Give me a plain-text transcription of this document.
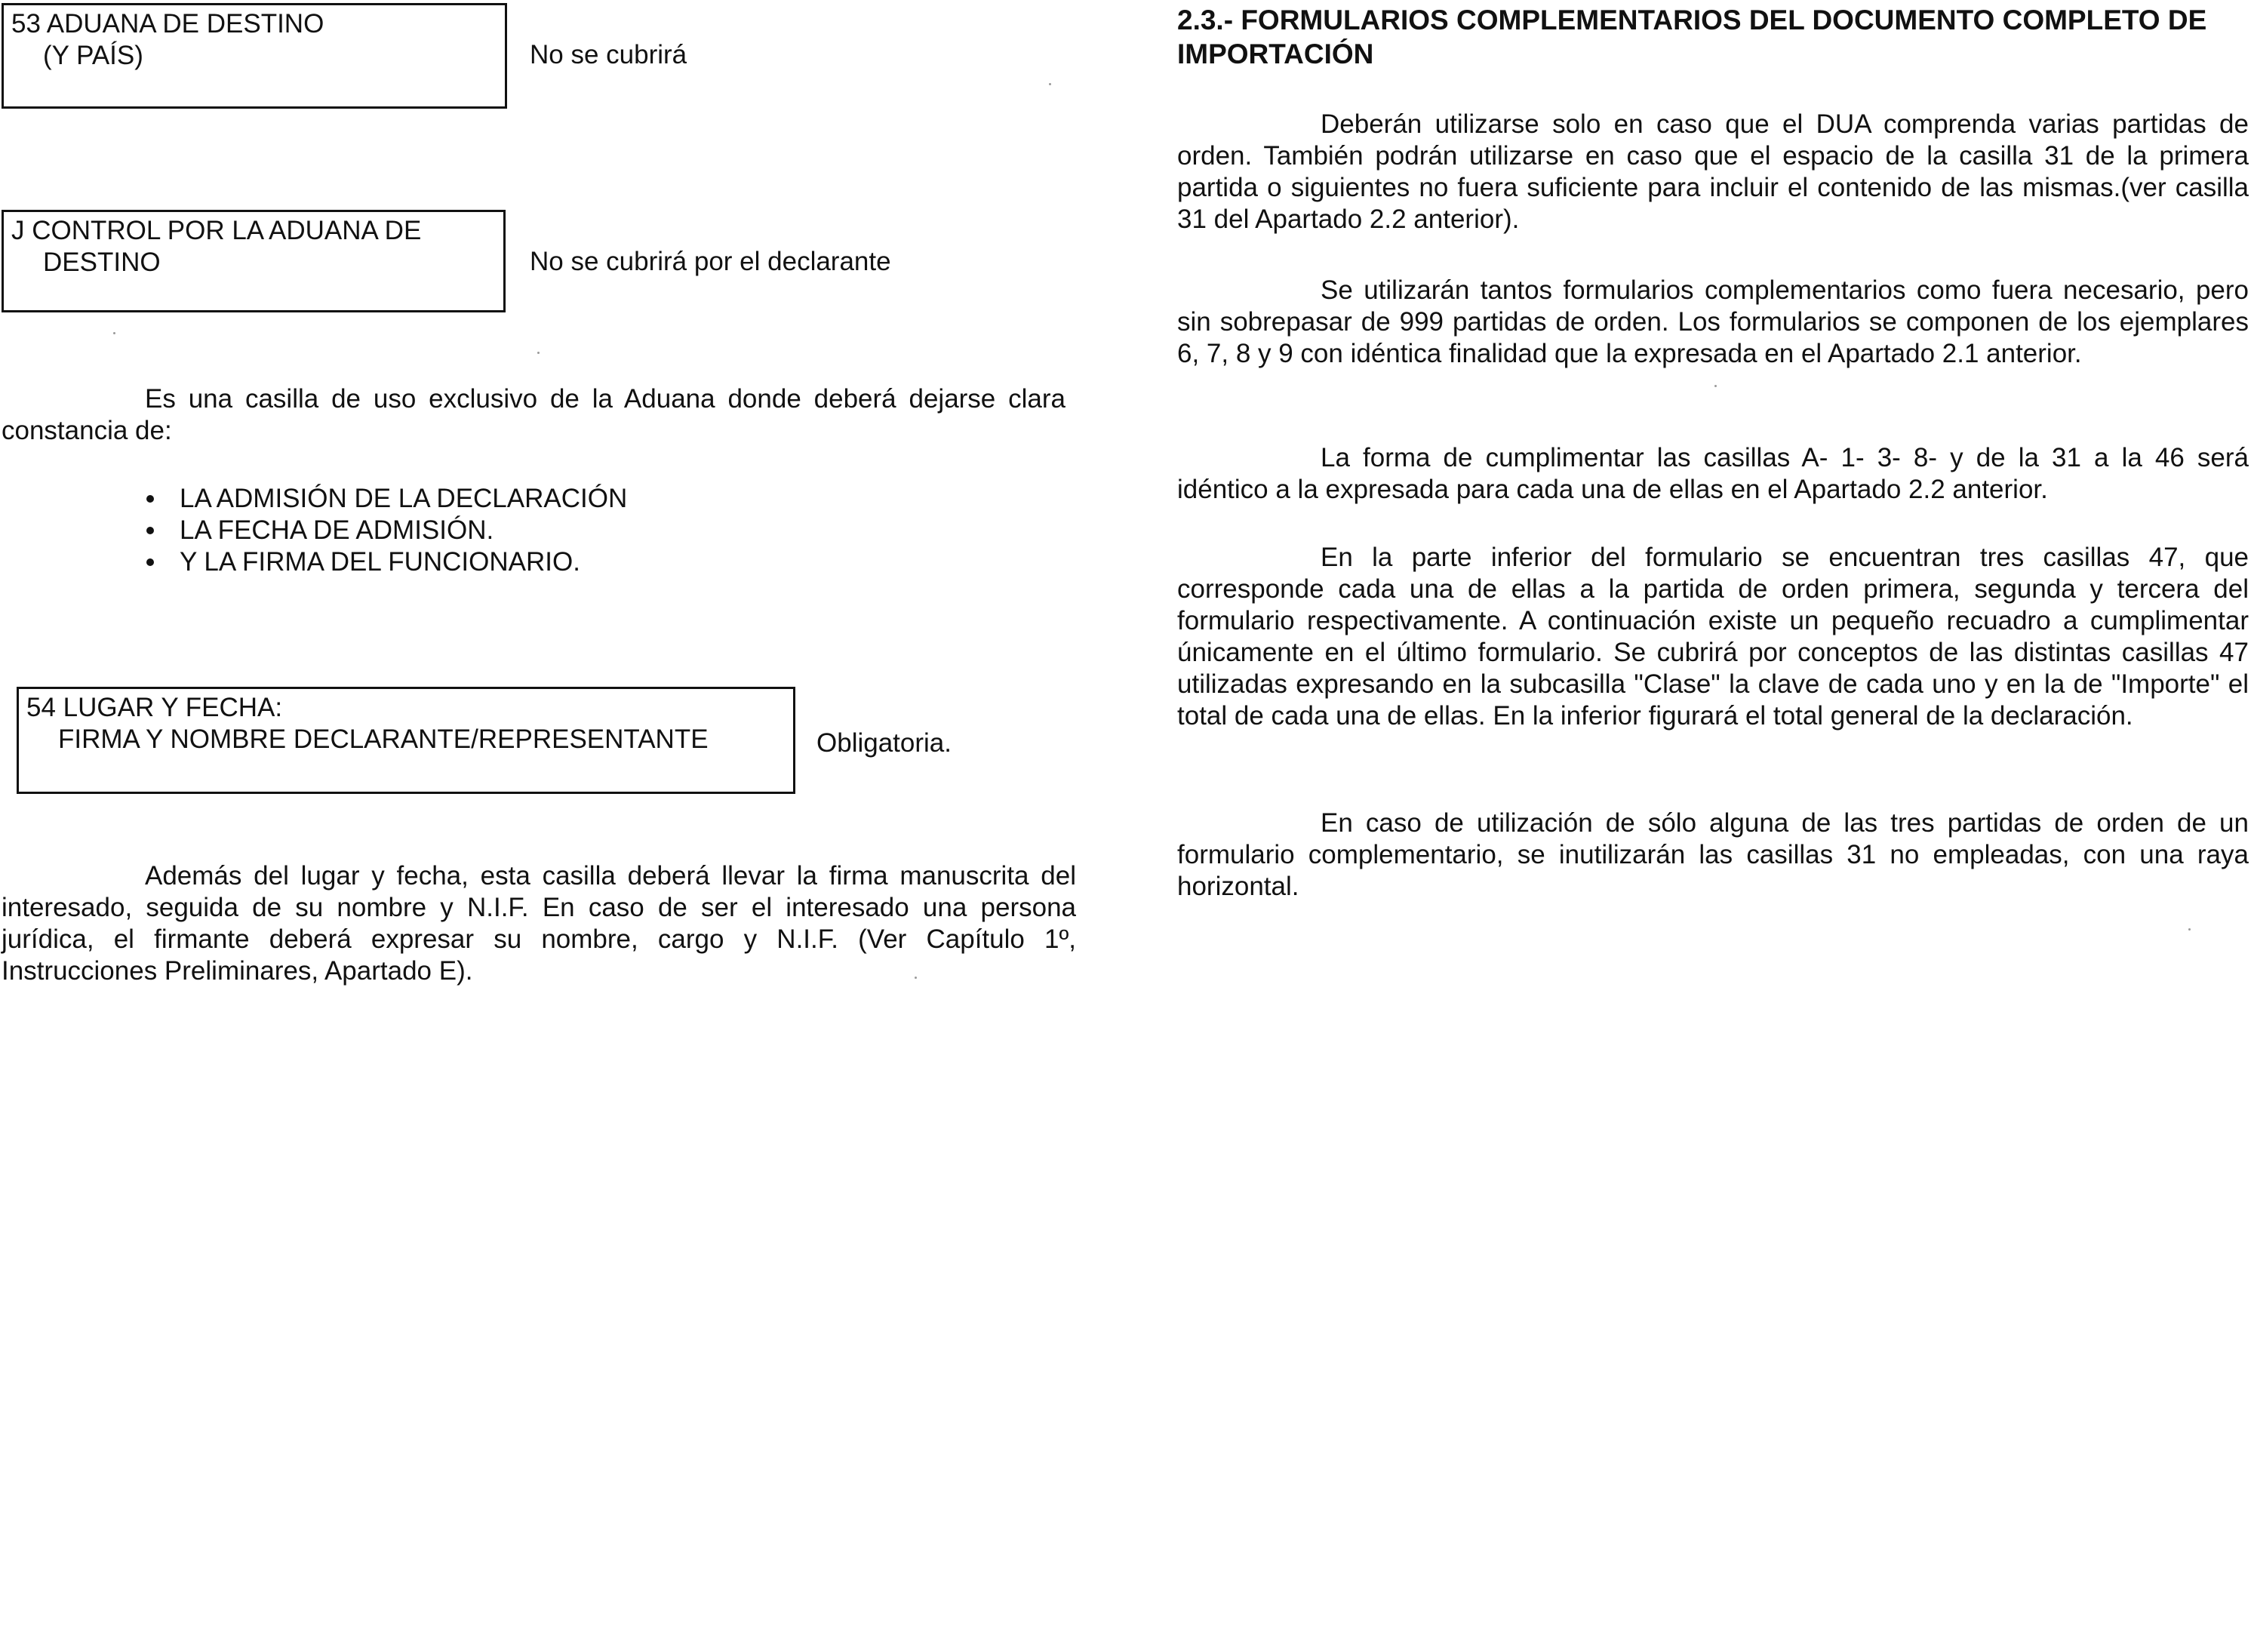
53 ADUANA DE DESTINO
(Y PAÍS)	No se cubrirá
J CONTROL POR LA ADUANA DE
DESTINO	No se cubrirá por el declarante

Es una casilla de uso exclusivo de la Aduana donde deberá dejarse clara constancia de:

LA ADMISIÓN DE LA DECLARACIÓN
LA FECHA DE ADMISIÓN.
Y LA FIRMA DEL FUNCIONARIO.
54 LUGAR Y FECHA:
FIRMA Y NOMBRE DECLARANTE/REPRESENTANTE	Obligatoria.

Además del lugar y fecha, esta casilla deberá llevar la firma manuscrita del interesado, seguida de su nombre y N.I.F. En caso de ser el interesado una persona jurídica, el firmante deberá expresar su nombre, cargo y N.I.F. (Ver Capítulo 1º, Instrucciones Preliminares, Apartado E).

2.3.- FORMULARIOS COMPLEMENTARIOS DEL DOCUMENTO COMPLETO DE IMPORTACIÓN

Deberán utilizarse solo en caso que el DUA comprenda varias partidas de orden. También podrán utilizarse en caso que el espacio de la casilla 31 de la primera partida o siguientes no fuera suficiente para incluir el contenido de las mismas.(ver casilla 31 del Apartado 2.2 anterior).

Se utilizarán tantos formularios complementarios como fuera necesario, pero sin sobrepasar de 999 partidas de orden. Los formularios se componen de los ejemplares 6, 7, 8 y 9 con idéntica finalidad que la expresada en el Apartado 2.1 anterior.

La forma de cumplimentar las casillas A- 1- 3- 8- y de la 31 a la 46 será idéntico a la expresada para cada una de ellas en el Apartado 2.2 anterior.

En la parte inferior del formulario se encuentran tres casillas 47, que corresponde cada una de ellas a la partida de orden primera, segunda y tercera del formulario respectivamente. A continuación existe un pequeño recuadro a cumplimentar únicamente en el último formulario. Se cubrirá por conceptos de las distintas casillas 47 utilizadas expresando en la subcasilla "Clase" la clave de cada uno y en la de "Importe" el total de cada una de ellas. En la inferior figurará el total general de la declaración.

En caso de utilización de sólo alguna de las tres partidas de orden de un formulario complementario, se inutilizarán las casillas 31 no empleadas, con una raya horizontal.
